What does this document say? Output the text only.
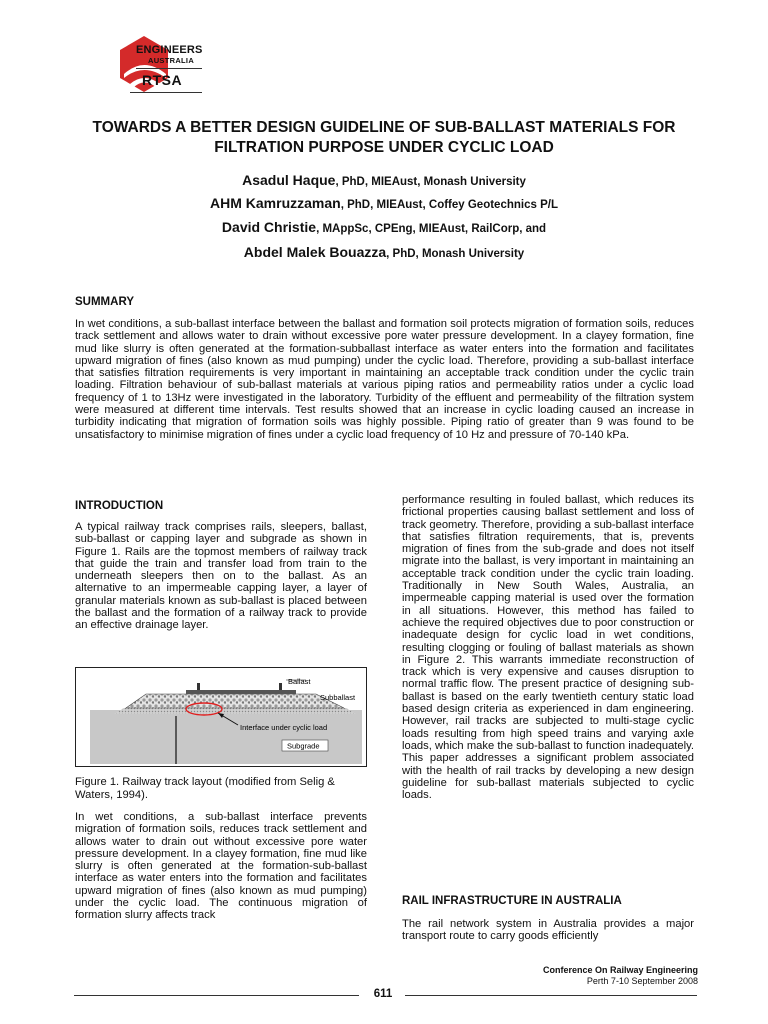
ENGINEERS
AUSTRALIA
RTSA
TOWARDS A BETTER DESIGN GUIDELINE OF SUB-BALLAST MATERIALS FOR FILTRATION PURPOSE UNDER CYCLIC LOAD
Asadul Haque, PhD, MIEAust, Monash University
AHM Kamruzzaman, PhD, MIEAust, Coffey Geotechnics P/L
David Christie, MAppSc, CPEng, MIEAust, RailCorp, and
Abdel Malek Bouazza, PhD, Monash University
SUMMARY
In wet conditions, a sub-ballast interface between the ballast and formation soil protects migration of formation soils, reduces track settlement and allows water to drain without excessive pore water pressure development. In a clayey formation, fine mud like slurry is often generated at the formation-subballast interface as water enters into the formation and facilitates upward migration of fines (also known as mud pumping) under the cyclic load. Therefore, providing a sub-ballast interface that satisfies filtration requirements is very important in maintaining an acceptable track condition under the cyclic train loading. Filtration behaviour of sub-ballast materials at various piping ratios and permeability ratios under a cyclic load frequency of 1 to 13Hz were investigated in the laboratory. Turbidity of the effluent and permeability of the filtration system were measured at different time intervals. Test results showed that an increase in cyclic loading caused an increase in turbidity indicating that migration of formation soils was highly possible. Piping ratio of greater than 9 was found to be unsatisfactory to minimise migration of fines under a cyclic load frequency of 10 Hz and pressure of 70-140 kPa.
INTRODUCTION
A typical railway track comprises rails, sleepers, ballast, sub-ballast or capping layer and subgrade as shown in Figure 1. Rails are the topmost members of railway track that guide the train and transfer load from train to the underneath sleepers then on to the ballast. As an alternative to an impermeable capping layer, a layer of granular materials known as sub-ballast is placed between the ballast and the formation of a railway track to provide an effective drainage layer.
Ballast
Subballast
Interface under cyclic load
Subgrade
Figure 1. Railway track layout (modified from Selig & Waters, 1994).
In wet conditions, a sub-ballast interface prevents migration of formation soils, reduces track settlement and allows water to drain out without excessive pore water pressure development. In a clayey formation, fine mud like slurry is often generated at the formation-sub-ballast interface as water enters into the formation and facilitates upward migration of fines (also known as mud pumping) under the cyclic load. The continuous migration of formation slurry affects track
performance resulting in fouled ballast, which reduces its frictional properties causing ballast settlement and loss of track geometry. Therefore, providing a sub-ballast interface that satisfies filtration requirements, that is, prevents migration of fines from the sub-grade and does not itself migrate into the ballast, is very important in maintaining an acceptable track condition under the cyclic train loading. Traditionally in New South Wales, Australia, an impermeable capping material is used over the formation in all situations. However, this method has failed to achieve the required objectives due to poor construction or inadequate design for cyclic load in wet conditions, resulting clogging or fouling of ballast materials as shown in Figure 2. This warrants immediate reconstruction of track which is very expensive and causes disruption to normal traffic flow. The present practice of designing sub-ballast is based on the early twentieth century static load based design criteria as experienced in dam engineering. However, rail tracks are subjected to multi-stage cyclic loads resulting from high speed trains and varying axle loads, which make the sub-ballast to function inadequately. This paper addresses a significant problem associated with the health of rail tracks by developing a new design guideline for sub-ballast materials subjected to cyclic loads.
RAIL INFRASTRUCTURE IN AUSTRALIA
The rail network system in Australia provides a major transport route to carry goods efficiently
Conference On Railway Engineering
Perth 7-10 September 2008
611
